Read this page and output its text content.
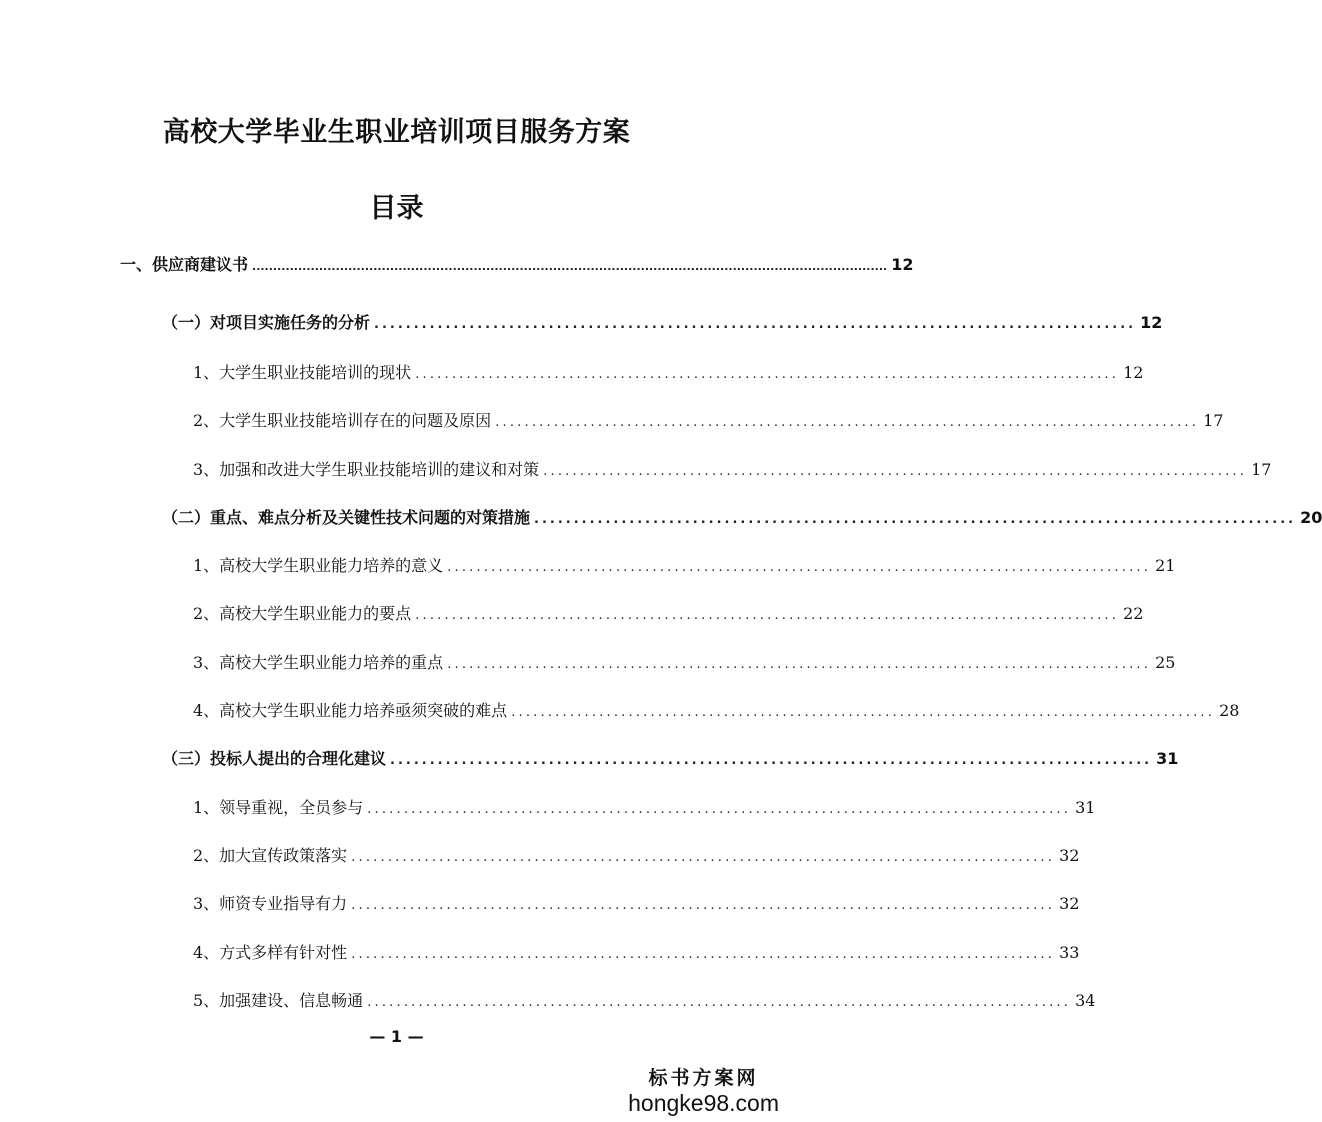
高校大学毕业生职业培训项目服务方案
目录
一、供应商建议书 ........................................................................................................................................................ 12
（一）对项目实施任务的分析 ................................................................................................ 12
1、大学生职业技能培训的现状 ................................................................................................ 12
2、大学生职业技能培训存在的问题及原因 ................................................................................................ 17
3、加强和改进大学生职业技能培训的建议和对策 ................................................................................................ 17
（二）重点、难点分析及关键性技术问题的对策措施 ................................................................................................ 20
1、高校大学生职业能力培养的意义 ................................................................................................ 21
2、高校大学生职业能力的要点 ................................................................................................ 22
3、高校大学生职业能力培养的重点 ................................................................................................ 25
4、高校大学生职业能力培养亟须突破的难点 ................................................................................................ 28
（三）投标人提出的合理化建议 ................................................................................................ 31
1、领导重视，全员参与 ................................................................................................ 31
2、加大宣传政策落实 ................................................................................................ 32
3、师资专业指导有力 ................................................................................................ 32
4、方式多样有针对性 ................................................................................................ 33
5、加强建设、信息畅通 ................................................................................................ 34
— 1 —
标书方案网
hongke98.com
